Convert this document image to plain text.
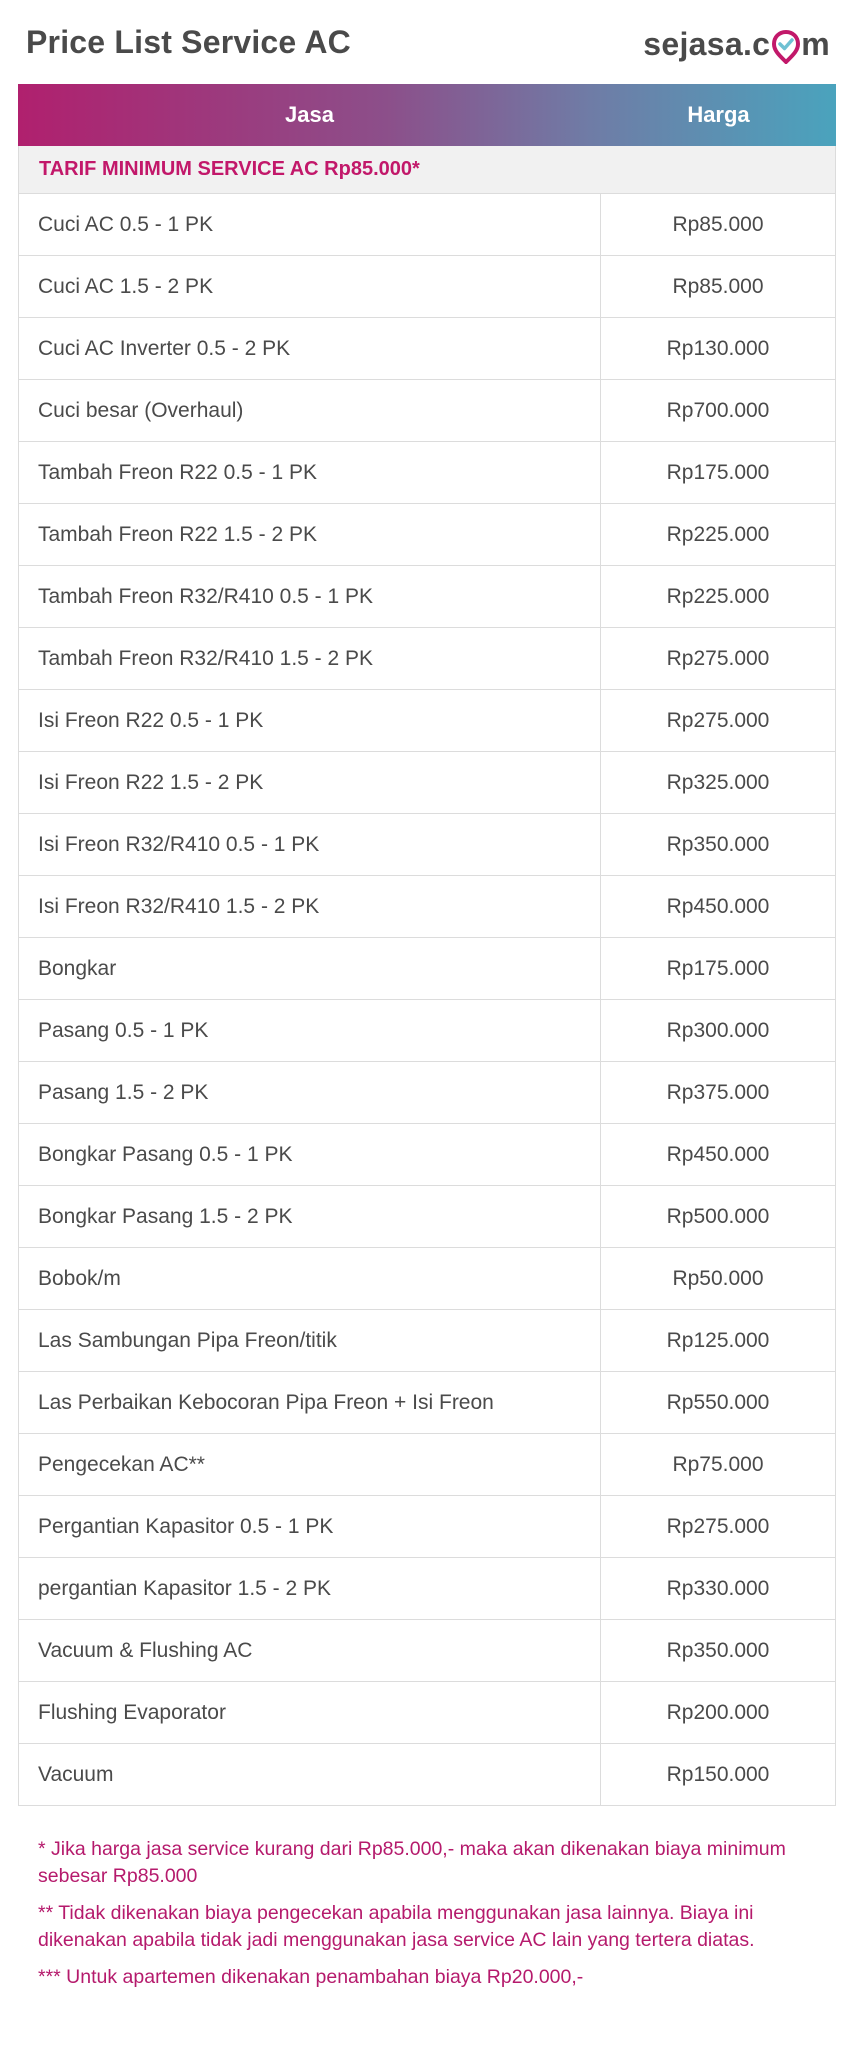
Price List Service AC	sejasa.c m
Jasa	Harga
TARIF MINIMUM SERVICE AC Rp85.000*
Cuci AC 0.5 - 1 PK	Rp85.000
Cuci AC 1.5 - 2 PK	Rp85.000
Cuci AC Inverter 0.5 - 2 PK	Rp130.000
Cuci besar (Overhaul)	Rp700.000
Tambah Freon R22 0.5 - 1 PK	Rp175.000
Tambah Freon R22 1.5 - 2 PK	Rp225.000
Tambah Freon R32/R410 0.5 - 1 PK	Rp225.000
Tambah Freon R32/R410 1.5 - 2 PK	Rp275.000
Isi Freon R22 0.5 - 1 PK	Rp275.000
Isi Freon R22 1.5 - 2 PK	Rp325.000
Isi Freon R32/R410 0.5 - 1 PK	Rp350.000
Isi Freon R32/R410 1.5 - 2 PK	Rp450.000
Bongkar	Rp175.000
Pasang 0.5 - 1 PK	Rp300.000
Pasang 1.5 - 2 PK	Rp375.000
Bongkar Pasang 0.5 - 1 PK	Rp450.000
Bongkar Pasang 1.5 - 2 PK	Rp500.000
Bobok/m	Rp50.000
Las Sambungan Pipa Freon/titik	Rp125.000
Las Perbaikan Kebocoran Pipa Freon + Isi Freon	Rp550.000
Pengecekan AC**	Rp75.000
Pergantian Kapasitor 0.5 - 1 PK	Rp275.000
pergantian Kapasitor 1.5 - 2 PK	Rp330.000
Vacuum & Flushing AC	Rp350.000
Flushing Evaporator	Rp200.000
Vacuum	Rp150.000
* Jika harga jasa service kurang dari Rp85.000,- maka akan dikenakan biaya minimum sebesar Rp85.000
** Tidak dikenakan biaya pengecekan apabila menggunakan jasa lainnya. Biaya ini dikenakan apabila tidak jadi menggunakan jasa service AC lain yang tertera diatas.
*** Untuk apartemen dikenakan penambahan biaya Rp20.000,-
